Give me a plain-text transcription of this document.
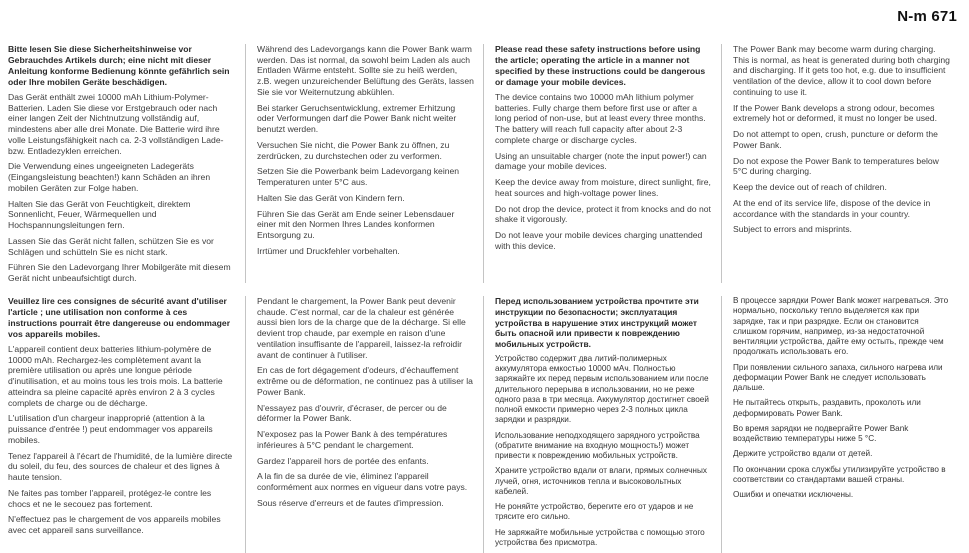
N-m 671
Bitte lesen Sie diese Sicherheitshinweise vor Gebrauchdes Artikels durch; eine nicht mit dieser Anleitung konforme Bedienung könnte gefährlich sein oder Ihre mobilen Geräte beschädigen.

Das Gerät enthält zwei 10000 mAh Lithium-Polymer-Batterien. Laden Sie diese vor Erstgebrauch oder nach einer langen Zeit der Nichtnutzung vollständig auf, mindestens aber alle drei Monate. Die Batterie wird ihre volle Leistungsfähigkeit nach ca. 2-3 vollständigen Lade- bzw. Entladezyklen erreichen.

Die Verwendung eines ungeeigneten Ladegeräts (Eingangsleistung beachten!) kann Schäden an ihren mobilen Geräten zur Folge haben.

Halten Sie das Gerät von Feuchtigkeit, direktem Sonnenlicht, Feuer, Wärmequellen und Hochspannungsleitungen fern.

Lassen Sie das Gerät nicht fallen, schützen Sie es vor Schlägen und schütteln Sie es nicht stark.

Führen Sie den Ladevorgang Ihrer Mobilgeräte mit diesem Gerät nicht unbeaufsichtigt durch.

Während des Ladevorgangs kann die Power Bank warm werden. Das ist normal, da sowohl beim Laden als auch Entladen Wärme entsteht. Sollte sie zu heiß werden, z.B. wegen unzureichender Belüftung des Geräts, lassen Sie sie vor Weiternutzung abkühlen.

Bei starker Geruchsentwicklung, extremer Erhitzung oder Verformungen darf die Power Bank nicht weiter benutzt werden.

Versuchen Sie nicht, die Power Bank zu öffnen, zu zerdrücken, zu durchstechen oder zu verformen.

Setzen Sie die Powerbank beim Ladevorgang keinen Temperaturen unter 5°C aus.

Halten Sie das Gerät von Kindern fern.

Führen Sie das Gerät am Ende seiner Lebensdauer einer mit den Normen Ihres Landes konformen Entsorgung zu.

Irrtümer und Druckfehler vorbehalten.

Please read these safety instructions before using the article; operating the article in a manner not specified by these instructions could be dangerous or damage your mobile devices.

The device contains two 10000 mAh lithium polymer batteries. Fully charge them before first use or after a long period of non-use, but at least every three months. The battery will reach full capacity after about 2-3 complete charge or discharge cycles.

Using an unsuitable charger (note the input power!) can damage your mobile devices.

Keep the device away from moisture, direct sunlight, fire, heat sources and high-voltage power lines.

Do not drop the device, protect it from knocks and do not shake it vigorously.

Do not leave your mobile devices charging unattended with this device.

The Power Bank may become warm during charging. This is normal, as heat is generated during both charging and discharging. If it gets too hot, e.g. due to insufficient ventilation of the device, allow it to cool down before continuing to use it.

If the Power Bank develops a strong odour, becomes extremely hot or deformed, it must no longer be used.

Do not attempt to open, crush, puncture or deform the Power Bank.

Do not expose the Power Bank to temperatures below 5°C during charging.

Keep the device out of reach of children.

At the end of its service life, dispose of the device in accordance with the standards in your country.

Subject to errors and misprints.

Veuillez lire ces consignes de sécurité avant d'utiliser l'article ; une utilisation non conforme à ces instructions pourrait être dangereuse ou endommager vos appareils mobiles.

L'appareil contient deux batteries lithium-polymère de 10000 mAh. Rechargez-les complètement avant la première utilisation ou après une longue période d'inutilisation, et au moins tous les trois mois. La batterie atteindra sa pleine capacité après environ 2 à 3 cycles complets de charge ou de décharge.

L'utilisation d'un chargeur inapproprié (attention à la puissance d'entrée !) peut endommager vos appareils mobiles.

Tenez l'appareil à l'écart de l'humidité, de la lumière directe du soleil, du feu, des sources de chaleur et des lignes à haute tension.

Ne faites pas tomber l'appareil, protégez-le contre les chocs et ne le secouez pas fortement.

N'effectuez pas le chargement de vos appareils mobiles avec cet appareil sans surveillance.

Pendant le chargement, la Power Bank peut devenir chaude. C'est normal, car de la chaleur est générée aussi bien lors de la charge que de la décharge. Si elle devient trop chaude, par exemple en raison d'une ventilation insuffisante de l'appareil, laissez-la refroidir avant de continuer à l'utiliser.

En cas de fort dégagement d'odeurs, d'échauffement extrême ou de déformation, ne continuez pas à utiliser la Power Bank.

N'essayez pas d'ouvrir, d'écraser, de percer ou de déformer la Power Bank.

N'exposez pas la Power Bank à des températures inférieures à 5°C pendant le chargement.

Gardez l'appareil hors de portée des enfants.

A la fin de sa durée de vie, éliminez l'appareil conformément aux normes en vigueur dans votre pays.

Sous réserve d'erreurs et de fautes d'impression.

Перед использованием устройства прочтите эти инструкции по безопасности; эксплуатация устройства в нарушение этих инструкций может быть опасной или привести к повреждению мобильных устройств.

Устройство содержит два литий-полимерных аккумулятора емкостью 10000 мАч. Полностью заряжайте их перед первым использованием или после длительного перерыва в использовании, но не реже одного раза в три месяца. Аккумулятор достигнет своей полной емкости примерно через 2-3 полных цикла зарядки и разрядки.

Использование неподходящего зарядного устройства (обратите внимание на входную мощность!) может привести к повреждению мобильных устройств.

Храните устройство вдали от влаги, прямых солнечных лучей, огня, источников тепла и высоковольтных кабелей.

Не роняйте устройство, берегите его от ударов и не трясите его сильно.

Не заряжайте мобильные устройства с помощью этого устройства без присмотра.

В процессе зарядки Power Bank может нагреваться. Это нормально, поскольку тепло выделяется как при зарядке, так и при разрядке. Если он становится слишком горячим, например, из-за недостаточной вентиляции устройства, дайте ему остыть, прежде чем продолжать использовать его.

При появлении сильного запаха, сильного нагрева или деформации Power Bank не следует использовать дальше.

Не пытайтесь открыть, раздавить, проколоть или деформировать Power Bank.

Во время зарядки не подвергайте Power Bank воздействию температуры ниже 5 °C.

Держите устройство вдали от детей.

По окончании срока службы утилизируйте устройство в соответствии со стандартами вашей страны.

Ошибки и опечатки исключены.
